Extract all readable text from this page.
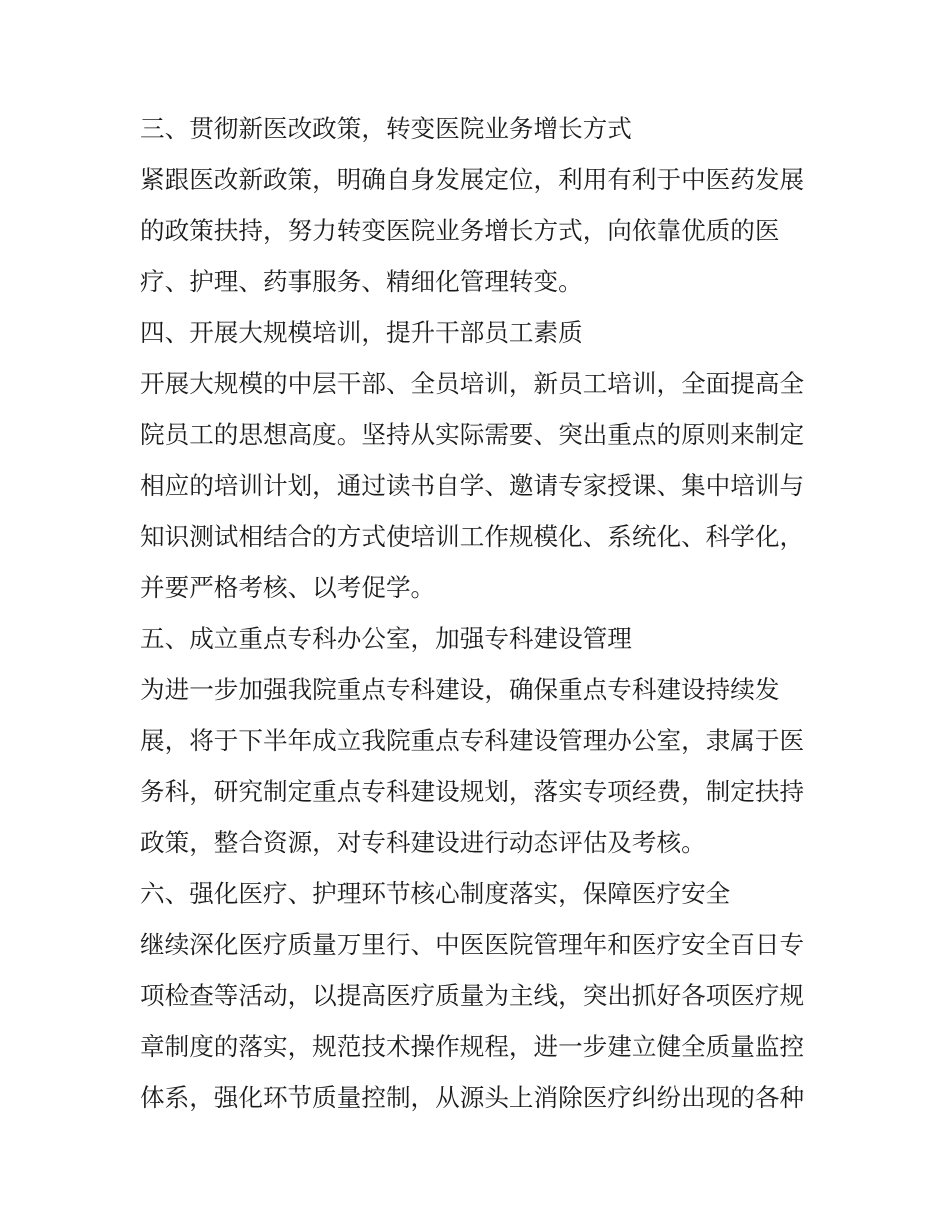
三、贯彻新医改政策，转变医院业务增长方式
紧跟医改新政策，明确自身发展定位，利用有利于中医药发展
的政策扶持，努力转变医院业务增长方式，向依靠优质的医
疗、护理、药事服务、精细化管理转变。
四、开展大规模培训，提升干部员工素质
开展大规模的中层干部、全员培训，新员工培训，全面提高全
院员工的思想高度。坚持从实际需要、突出重点的原则来制定
相应的培训计划，通过读书自学、邀请专家授课、集中培训与
知识测试相结合的方式使培训工作规模化、系统化、科学化，
并要严格考核、以考促学。
五、成立重点专科办公室，加强专科建设管理
为进一步加强我院重点专科建设，确保重点专科建设持续发
展，将于下半年成立我院重点专科建设管理办公室，隶属于医
务科，研究制定重点专科建设规划，落实专项经费，制定扶持
政策，整合资源，对专科建设进行动态评估及考核。
六、强化医疗、护理环节核心制度落实，保障医疗安全
继续深化医疗质量万里行、中医医院管理年和医疗安全百日专
项检查等活动，以提高医疗质量为主线，突出抓好各项医疗规
章制度的落实，规范技术操作规程，进一步建立健全质量监控
体系，强化环节质量控制，从源头上消除医疗纠纷出现的各种
